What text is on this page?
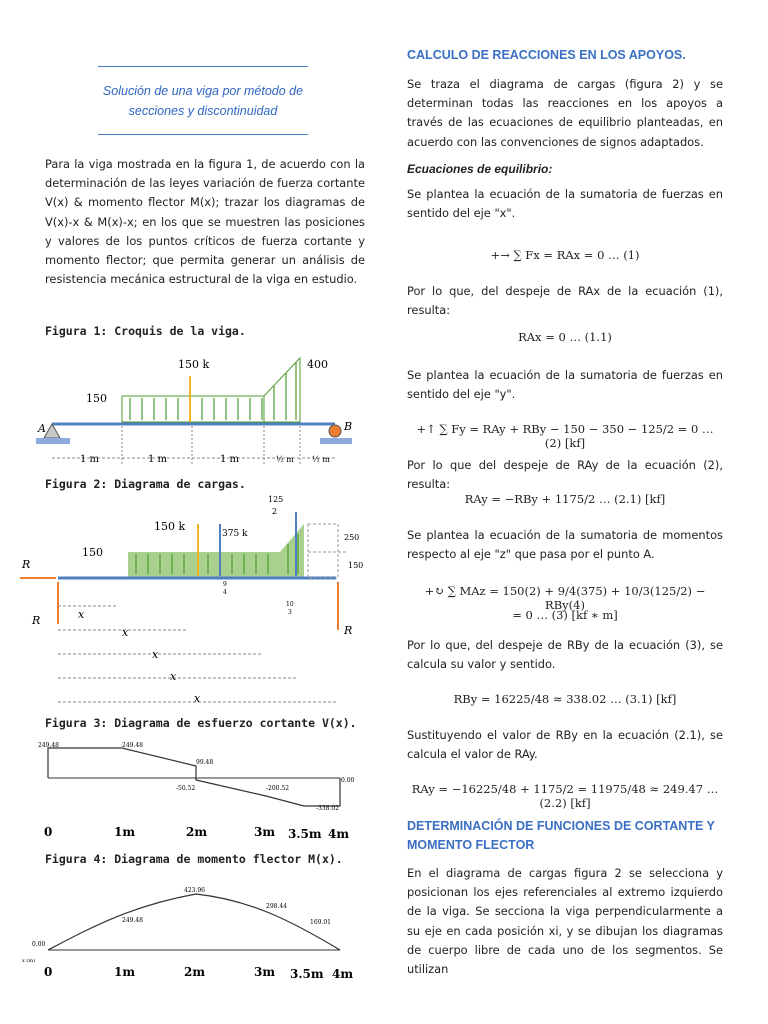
Solución de una viga por método de secciones y discontinuidad

Para la viga mostrada en la figura 1, de acuerdo con la determinación de las leyes variación de fuerza cortante V(x) & momento flector M(x); trazar los diagramas de V(x)-x & M(x)-x; en los que se muestren las posiciones y valores de los puntos críticos de fuerza cortante y momento flector; que permita generar un análisis de resistencia mecánica estructural de la viga en estudio.

Figura 1: Croquis de la viga.
A	B
150
150 k	400
1 m	1 m	1 m	½ m ½ m
Figura 2: Diagrama de cargas.
R
R
R
150
150 k
375 k
125
2
250
150
9
4
10
3
x
x
x
x
x
Figura 3: Diagrama de esfuerzo cortante V(x).
249.48	249.48
99.48
-50.52	-200.52
-338.02
0.00
0	1m	2m	3m 3.5m 4m
Figura 4: Diagrama de momento flector M(x).
0.00
249.48
423.96
298.44
169.01
x (m)
0	1m	2m	3m 3.5m 4m
CALCULO DE REACCIONES EN LOS APOYOS.

Se traza el diagrama de cargas (figura 2) y se determinan todas las reacciones en los apoyos a través de las ecuaciones de equilibrio planteadas, en acuerdo con las convenciones de signos adaptados.

Ecuaciones de equilibrio:

Se plantea la ecuación de la sumatoria de fuerzas en sentido del eje "x".

+→ ∑ Fx = RAx = 0 … (1)

Por lo que, del despeje de RAx de la ecuación (1), resulta:

RAx = 0 … (1.1)

Se plantea la ecuación de la sumatoria de fuerzas en sentido del eje "y".

+↑ ∑ Fy = RAy + RBy − 150 − 350 − 125/2 = 0 … (2) [kf]

Por lo que del despeje de RAy de la ecuación (2), resulta:

RAy = −RBy + 1175/2 … (2.1) [kf]

Se plantea la ecuación de la sumatoria de momentos respecto al eje "z" que pasa por el punto A.

+↻ ∑ MAz = 150(2) + 9/4(375) + 10/3(125/2) − RBy(4)
= 0 … (3) [kf ∗ m]

Por lo que, del despeje de RBy de la ecuación (3), se calcula su valor y sentido.

RBy = 16225/48 ≈ 338.02 … (3.1) [kf]

Sustituyendo el valor de RBy en la ecuación (2.1), se calcula el valor de RAy.

RAy = −16225/48 + 1175/2 = 11975/48 ≈ 249.47 … (2.2) [kf]
DETERMINACIÓN DE FUNCIONES DE CORTANTE Y MOMENTO FLECTOR

En el diagrama de cargas figura 2 se selecciona y posicionan los ejes referenciales al extremo izquierdo de la viga. Se secciona la viga perpendicularmente a su eje en cada posición xi, y se dibujan los diagramas de cuerpo libre de cada uno de los segmentos. Se utilizan
